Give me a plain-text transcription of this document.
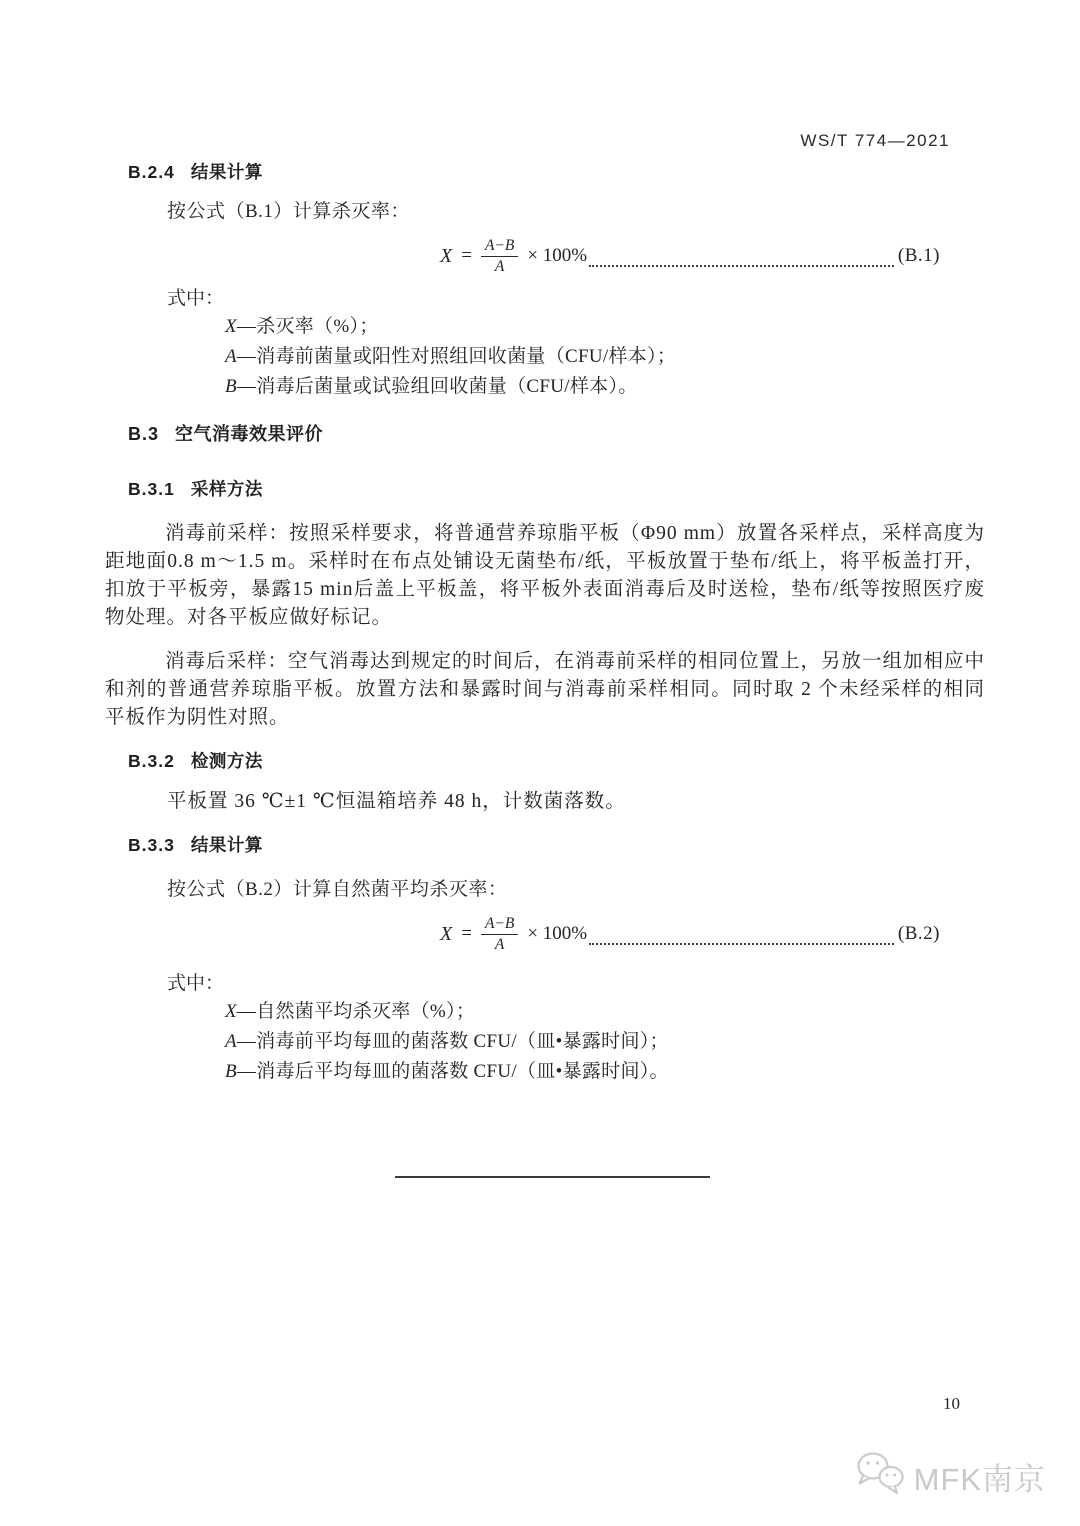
WS/T 774—2021
B.2.4 结果计算

按公式（B.1）计算杀灭率：

$X = \frac{A-B}{A} \times 100\%$	(B.1)

式中：

X—杀灭率（%）；
A—消毒前菌量或阳性对照组回收菌量（CFU/样本）；
B—消毒后菌量或试验组回收菌量（CFU/样本）。
B.3 空气消毒效果评价
B.3.1 采样方法

消毒前采样：按照采样要求，将普通营养琼脂平板（Φ90 mm）放置各采样点，采样高度为距地面0.8 m～1.5 m。采样时在布点处铺设无菌垫布/纸，平板放置于垫布/纸上，将平板盖打开，扣放于平板旁，暴露15 min后盖上平板盖，将平板外表面消毒后及时送检，垫布/纸等按照医疗废物处理。对各平板应做好标记。

消毒后采样：空气消毒达到规定的时间后，在消毒前采样的相同位置上，另放一组加相应中和剂的普通营养琼脂平板。放置方法和暴露时间与消毒前采样相同。同时取 2 个未经采样的相同平板作为阴性对照。

B.3.2 检测方法

平板置 36 ℃±1 ℃恒温箱培养 48 h，计数菌落数。

B.3.3 结果计算

按公式（B.2）计算自然菌平均杀灭率：

$X = \frac{A-B}{A} \times 100\%$	(B.2)

式中：

X—自然菌平均杀灭率（%）；
A—消毒前平均每皿的菌落数 CFU/（皿•暴露时间）；
B—消毒后平均每皿的菌落数 CFU/（皿•暴露时间）。
10
MFK南京
